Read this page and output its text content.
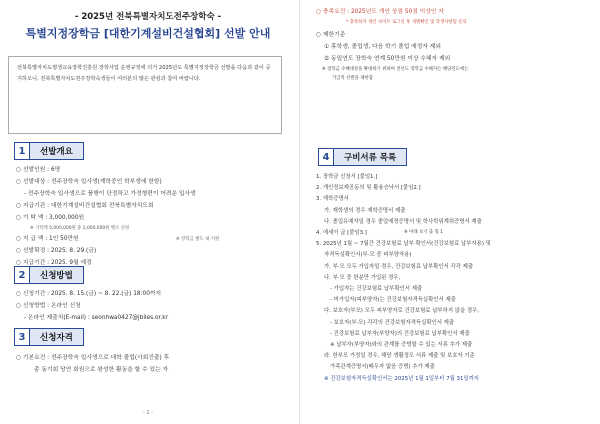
- 2025년 전북특별자치도전주장학숙 -
특별지정장학금 [대한기계설비건설협회] 선발 안내
전북특별자치도평생교육장학진흥원 장학사업 운영규정에 의거 2025년도 특별지정장학금 선발을 다음과 같이 공지하오니, 전북특별자치도전주장학숙생들이 여러분의 많은 관심과 참여 바랍니다.
1	선발개요
○ 선발인원 : 6명
○ 선발대상 : 전주장학숙 입사생(계학중인 학부생에 한함)
- 전주장학숙 입사생으로 품행이 단정하고 가정형편이 어려운 입사생
○ 지급기관 : 대한기계설비건설협회 전북특별자치도회
○ 기 탁 액 : 3,000,000원
※ 기탁액 5,000,000원 중 2,000,000원 행소 선정
○ 지 급 액 : 1인 50만원	※ 장학금 별도 내 지원
○ 선발확정 : 2025. 8. 29.(금)
○ 지급기간 : 2025. 9월 예정
2	신청방법
○ 신청기간 : 2025. 8. 15.(금) ~ 8. 22.(금) 18:00까지
○ 신청방법 : 온라인 신청
- 온라인 제출처(E-mail) : seonhwa0427@jbiles.or.kr
3	신청자격
- 1 -
○ 충족요건 : 2025년도 개인 상점 50점 이상인 자
* 충족하지 개인 사이트 로그인 후 개별확인 및 학생사항팀 문의
○ 제한기준
① 휴학생, 졸업생, 다음 학기 졸업 예정자 제외
② 동일연도 장학숙 연계 50만원 이상 수혜자 제외
※ 장학금 수혜대상을 확대하기 위하여 전년도 장학금 수혜자는 해당연도에는
가급적 선발을 제한함
4	구비서류 목록
1. 장학금 신청서 [붙임1.]
2. 개인정보제공동의 및 활용승낙서 [붙임2.]
3. 재학증명서
가. 재학생의 경우 재학증명서 제출
나. 졸업유예자일 경우 졸업예정증명서 및 학사학위계취증명서 제출
4. 에세이 글 [붙임3.]	※ 아래 보기 출 형 1
5. 2025년 1월 ~ 7월간 건강보험료 납부 확인서(건강보험료 납부자용) 및
자격득실확인서(부·모 중 피부양자용)
가. 부·모 모두 가입자일 경우, 건강보험료 납부확인서 각각 제출
나. 부·모 중 한분만 가입된 경우,
- 가입자는 건강보험료 납부확인서 제출
- 미가입자(피부양자)는 건강보험자격득실확인서 제출
다. 보호자(부모) 모두 피부양자로 건강보험료 납부하지 않을 경우,
- 보호자(부·모) 각각의 건강보험자격득실확인서 제출
- 건강보험료 납부자(부양자)의 건강보험료 납부확인서 제출
※ 납부자(부양자)와의 관계를 증빙할 수 있는 서류 추가 제출
라. 한부모 가정일 경우, 해당 생활정도 서류 제출 및 보호자 기준
가족관계증명서(배우자 없음 증명) 추가 제출
※ 건강보험자격득실확인서는 2025년 1월 1일부터 7월 31일까지
○ 기본요건 : 전주장학숙 입사생으로 대학 졸업(사회진출) 후
총 동기회 당연 회원으로 왕성한 활동을 할 수 있는 자
